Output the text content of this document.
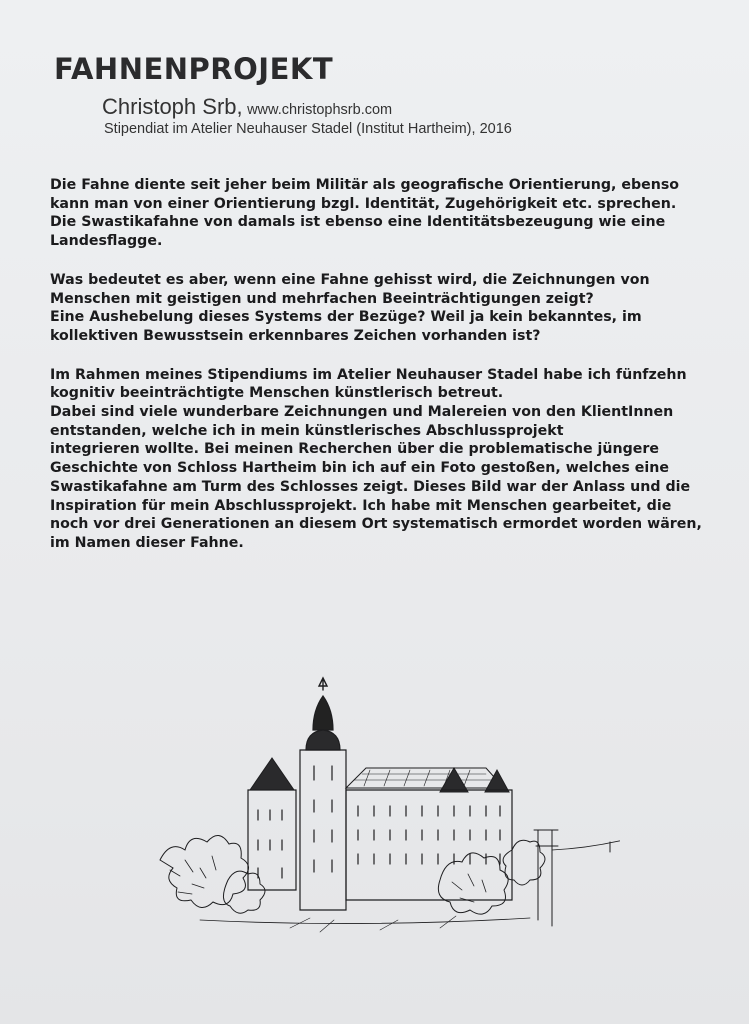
FAHNENPROJEKT
Christoph Srb, www.christophsrb.com
Stipendiat im Atelier Neuhauser Stadel (Institut Hartheim), 2016

Die Fahne diente seit jeher beim Militär als geografische Orientierung, ebenso
kann man von einer Orientierung bzgl. Identität, Zugehörigkeit etc. sprechen.
Die Swastikafahne von damals ist ebenso eine Identitätsbezeugung wie eine
Landesflagge.

Was bedeutet es aber, wenn eine Fahne gehisst wird, die Zeichnungen von
Menschen mit geistigen und mehrfachen Beeinträchtigungen zeigt?
Eine Aushebelung dieses Systems der Bezüge? Weil ja kein bekanntes, im
kollektiven Bewusstsein erkennbares Zeichen vorhanden ist?

Im Rahmen meines Stipendiums im Atelier Neuhauser Stadel habe ich fünfzehn
kognitiv beeinträchtigte Menschen künstlerisch betreut.
Dabei sind viele wunderbare Zeichnungen und Malereien von den KlientInnen
entstanden, welche ich in mein künstlerisches Abschlussprojekt
integrieren wollte. Bei meinen Recherchen über die problematische jüngere
Geschichte von Schloss Hartheim bin ich auf ein Foto gestoßen, welches eine
Swastikafahne am Turm des Schlosses zeigt. Dieses Bild war der Anlass und die
Inspiration für mein Abschlussprojekt. Ich habe mit Menschen gearbeitet, die
noch vor drei Generationen an diesem Ort systematisch ermordet worden wären,
im Namen dieser Fahne.
